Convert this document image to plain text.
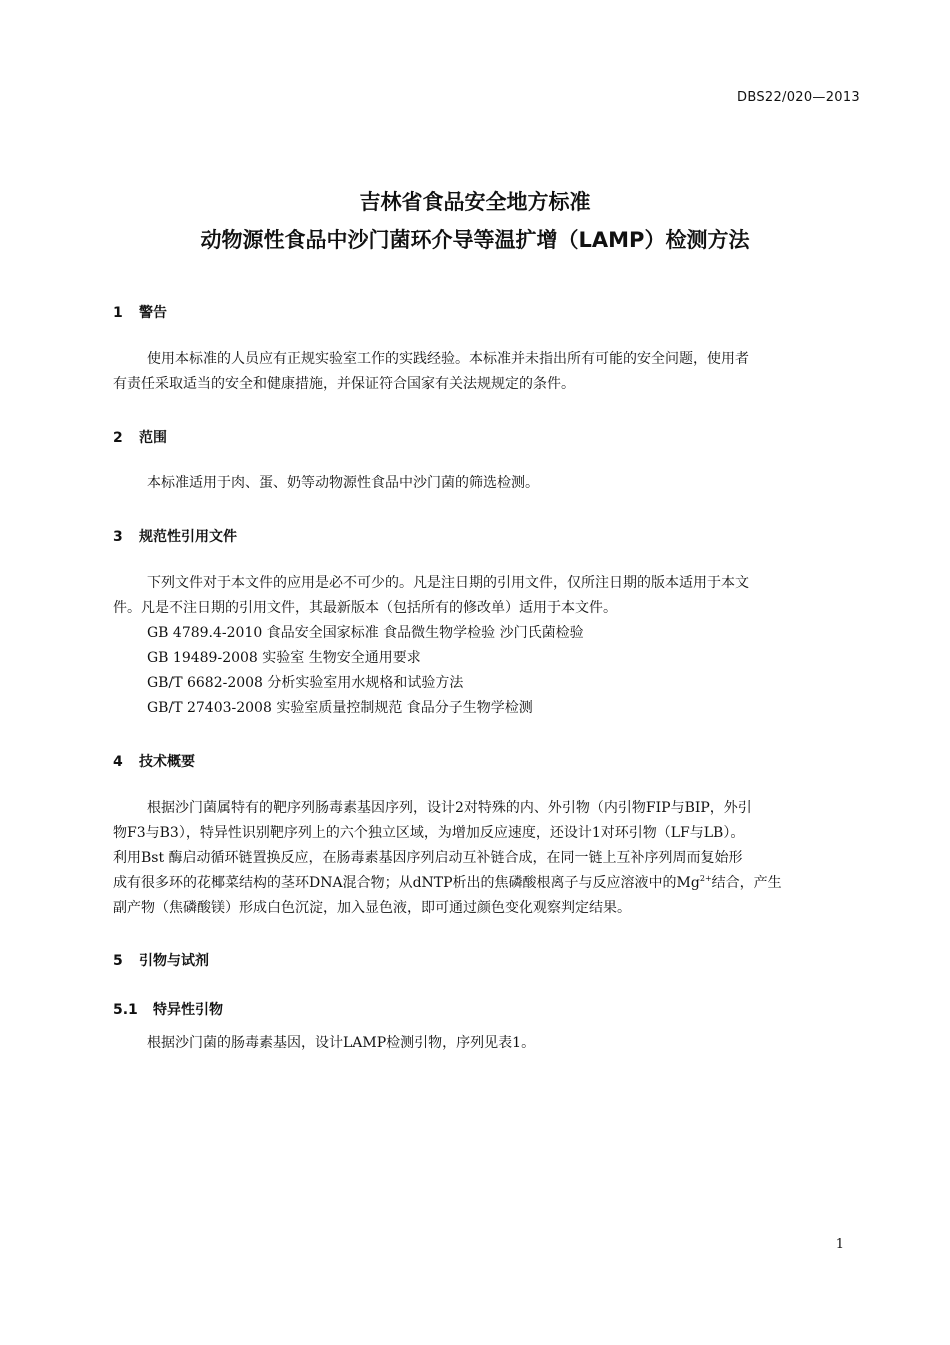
DBS22/020—2013
吉林省食品安全地方标准
动物源性食品中沙门菌环介导等温扩增（LAMP）检测方法
1 警告
使用本标准的人员应有正规实验室工作的实践经验。本标准并未指出所有可能的安全问题，使用者
有责任采取适当的安全和健康措施，并保证符合国家有关法规规定的条件。
2 范围
本标准适用于肉、蛋、奶等动物源性食品中沙门菌的筛选检测。
3 规范性引用文件
下列文件对于本文件的应用是必不可少的。凡是注日期的引用文件，仅所注日期的版本适用于本文
件。凡是不注日期的引用文件，其最新版本（包括所有的修改单）适用于本文件。
GB 4789.4-2010 食品安全国家标准 食品微生物学检验 沙门氏菌检验
GB 19489-2008 实验室 生物安全通用要求
GB/T 6682-2008 分析实验室用水规格和试验方法
GB/T 27403-2008 实验室质量控制规范 食品分子生物学检测
4 技术概要
根据沙门菌属特有的靶序列肠毒素基因序列，设计2对特殊的内、外引物（内引物FIP与BIP，外引
物F3与B3），特异性识别靶序列上的六个独立区域，为增加反应速度，还设计1对环引物（LF与LB）。
利用Bst 酶启动循环链置换反应，在肠毒素基因序列启动互补链合成，在同一链上互补序列周而复始形
成有很多环的花椰菜结构的茎环DNA混合物；从dNTP析出的焦磷酸根离子与反应溶液中的$Mg^{2+}$结合，产生
副产物（焦磷酸镁）形成白色沉淀，加入显色液，即可通过颜色变化观察判定结果。
5 引物与试剂
5.1 特异性引物
根据沙门菌的肠毒素基因，设计LAMP检测引物，序列见表1。
1
